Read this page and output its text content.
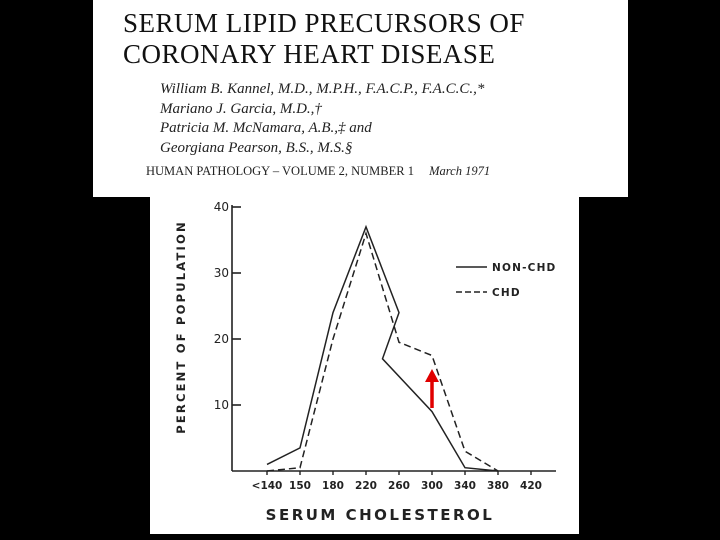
SERUM LIPID PRECURSORS OF
CORONARY HEART DISEASE
William B. Kannel, M.D., M.P.H., F.A.C.P., F.A.C.C.,*
Mariano J. Garcia, M.D.,†
Patricia M. McNamara, A.B.,‡ and
Georgiana Pearson, B.S., M.S.§
HUMAN PATHOLOGY – VOLUME 2, NUMBER 1 March 1971
10
20
30
40
<140 150 180 220 260 300 340 380 420
NON-CHD
CHD
PERCENT OF POPULATION
SERUM CHOLESTEROL
